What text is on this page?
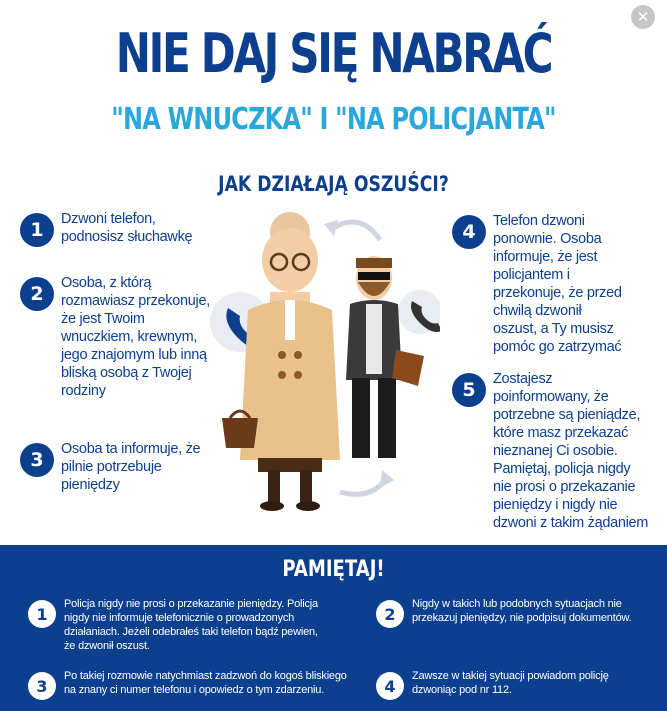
✕
NIE DAJ SIĘ NABRAĆ
"NA WNUCZKA" I "NA POLICJANTA"
JAK DZIAŁAJĄ OSZUŚCI?
1	Dzwoni telefon, podnosisz słuchawkę
2	Osoba, z którą rozmawiasz przekonuje, że jest Twoim wnuczkiem, krewnym, jego znajomym lub inną bliską osobą z Twojej rodziny
3	Osoba ta informuje, że pilnie potrzebuje pieniędzy
4	Telefon dzwoni ponownie. Osoba informuje, że jest policjantem i przekonuje, że przed chwilą dzwonił oszust, a Ty musisz pomóc go zatrzymać
5	Zostajesz poinformowany, że potrzebne są pieniądze, które masz przekazać nieznanej Ci osobie. Pamiętaj, policja nigdy nie prosi o przekazanie pieniędzy i nigdy nie dzwoni z takim żądaniem
PAMIĘTAJ!
1
Policja nigdy nie prosi o przekazanie pieniędzy. Policja nigdy nie informuje telefonicznie o prowadzonych działaniach. Jeżeli odebrałeś taki telefon bądź pewien, że dzwonił oszust.
2
Nigdy w takich lub podobnych sytuacjach nie przekazuj pieniędzy, nie podpisuj dokumentów.
3
Po takiej rozmowie natychmiast zadzwoń do kogoś bliskiego na znany ci numer telefonu i opowiedz o tym zdarzeniu.	4
Zawsze w takiej sytuacji powiadom policję dzwoniąc pod nr 112.
